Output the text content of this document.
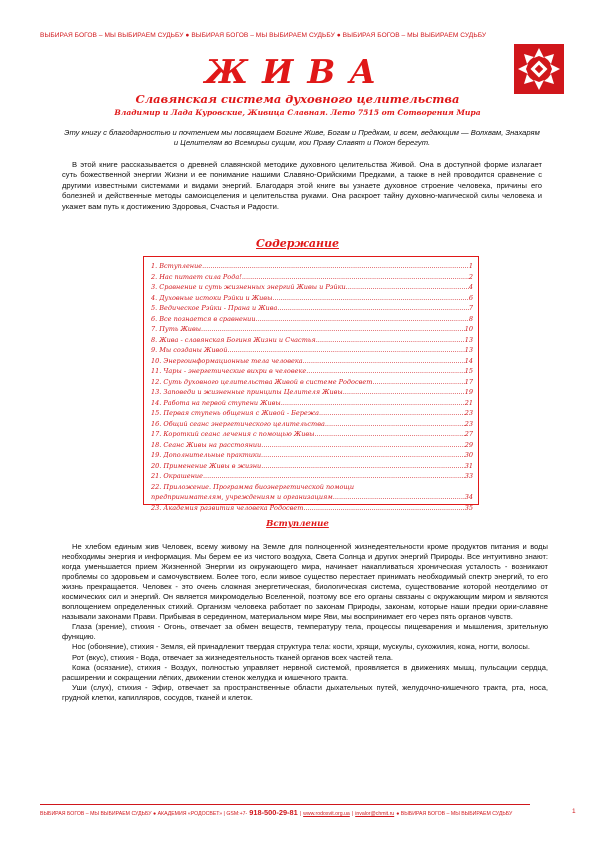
ВЫБИРАЯ БОГОВ – МЫ ВЫБИРАЕМ СУДЬБУ ● ВЫБИРАЯ БОГОВ – МЫ ВЫБИРАЕМ СУДЬБУ ● ВЫБИРАЯ БОГОВ – МЫ ВЫБИРАЕМ СУДЬБУ
ЖИВА
Славянская система духовного целительства
Владимир и Лада Куровские, Живица Славная. Лето 7515 от Сотворения Мира
Эту книгу с благодарностью и почтением мы посвящаем Богине Живе, Богам и Предкам, и всем, ведающим — Волхвам, Знахарям и Целителям во Всемирьи сущим, кои Праву Славят и Покон берегут.
В этой книге рассказывается о древней славянской методике духовного целительства Живой. Она в доступной форме излагает суть божественной энергии Жизни и ее понимание нашими Славяно-Орийскими Предками, а также в ней проводится сравнение с другими известными системами и видами энергий. Благодаря этой книге вы узнаете духовное строение человека, причины его болезней и действенные методы самоисцеления и целительства руками. Она раскроет тайну духовно-магической силы человека и укажет вам путь к достижению Здоровья, Счастья и Радости.
Содержание
1. Вступление .....	1
2. Нас питает сила Рода! .....	2
3. Сравнение и суть жизненных энергий Живы и Рэйки .....	4
4. Духовные истоки Рэйки и Живы .....	6
5. Ведическое Рэйки - Прана и Жива .....	7
6. Все познается в сравнении .....	8
7. Путь Живы .....	10
8. Жива - славянская Богиня Жизни и Счастья .....	13
9. Мы созданы Живой .....	13
10. Энергоинформационные тела человека .....	14
11. Чары - энергетические вихри в человеке .....	15
12. Суть духовного целительства Живой в системе Родосвет .....	17
13. Заповеди и жизненные принципы Целителя Живы .....	19
14. Работа на первой ступени Живы .....	21
15. Первая ступень общения с Живой - Бережа .....	23
16. Общий сеанс энергетического целительства .....	23
17. Короткий сеанс лечения с помощью Живы .....	27
18. Сеанс Живы на расстоянии .....	29
19. Дополнительные практики .....	30
20. Применение Живы в жизни .....	31
21. Окрашение .....	33
22. Приложение. Программа биоэнергетической помощи
предпринимателям, учреждениям и организациям .....	34
23. Академия развития человека Родосвет .....	35
Вступление

Не хлебом единым жив Человек, всему живому на Земле для полноценной жизнедеятельности кроме продуктов питания и воды необходимы энергия и информация. Мы берем ее из чистого воздуха, Света Солнца и других энергий Природы. Все интуитивно знают: когда уменьшается прием Жизненной Энергии из окружающего мира, начинает накапливаться хроническая усталость - возникают проблемы со здоровьем и самочувствием. Более того, если живое существо перестает принимать необходимый спектр энергий, то его жизнь прекращается. Человек - это очень сложная энергетическая, биологическая система, существование которой неотделимо от космических сил и энергий. Он является микромоделью Вселенной, поэтому все его органы связаны с окружающим миром и являются воплощением определенных стихий. Организм человека работает по законам Природы, законам, которые наши предки ории-славяне называли законами Прави. Прибывая в серединном, материальном мире Яви, мы воспринимает его через пять органов чувств.

Глаза (зрение), стихия - Огонь, отвечает за обмен веществ, температуру тела, процессы пищеварения и мышления, зрительную функцию.

Нос (обоняние), стихия - Земля, ей принадлежит твердая структура тела: кости, хрящи, мускулы, сухожилия, кожа, ногти, волосы.

Рот (вкус), стихия - Вода, отвечает за жизнедеятельность тканей органов всех частей тела.

Кожа (осязание), стихия - Воздух, полностью управляет нервной системой, проявляется в движениях мышц, пульсации сердца, расширении и сокращении лёгких, движении стенок желудка и кишечного тракта.

Уши (слух), стихия - Эфир, отвечает за пространственные области дыхательных путей, желудочно-кишечного тракта, рта, носа, грудной клетки, капилляров, сосудов, тканей и клеток.

ВЫБИРАЯ БОГОВ – МЫ ВЫБИРАЕМ СУДЬБУ ● АКАДЕМИЯ «РОДОСВЕТ» | GSM:+7- 918-500-29-81 | www.rodosvit.org.ua | invalor@chmit.ru ● ВЫБИРАЯ БОГОВ – МЫ ВЫБИРАЕМ СУДЬБУ	1
